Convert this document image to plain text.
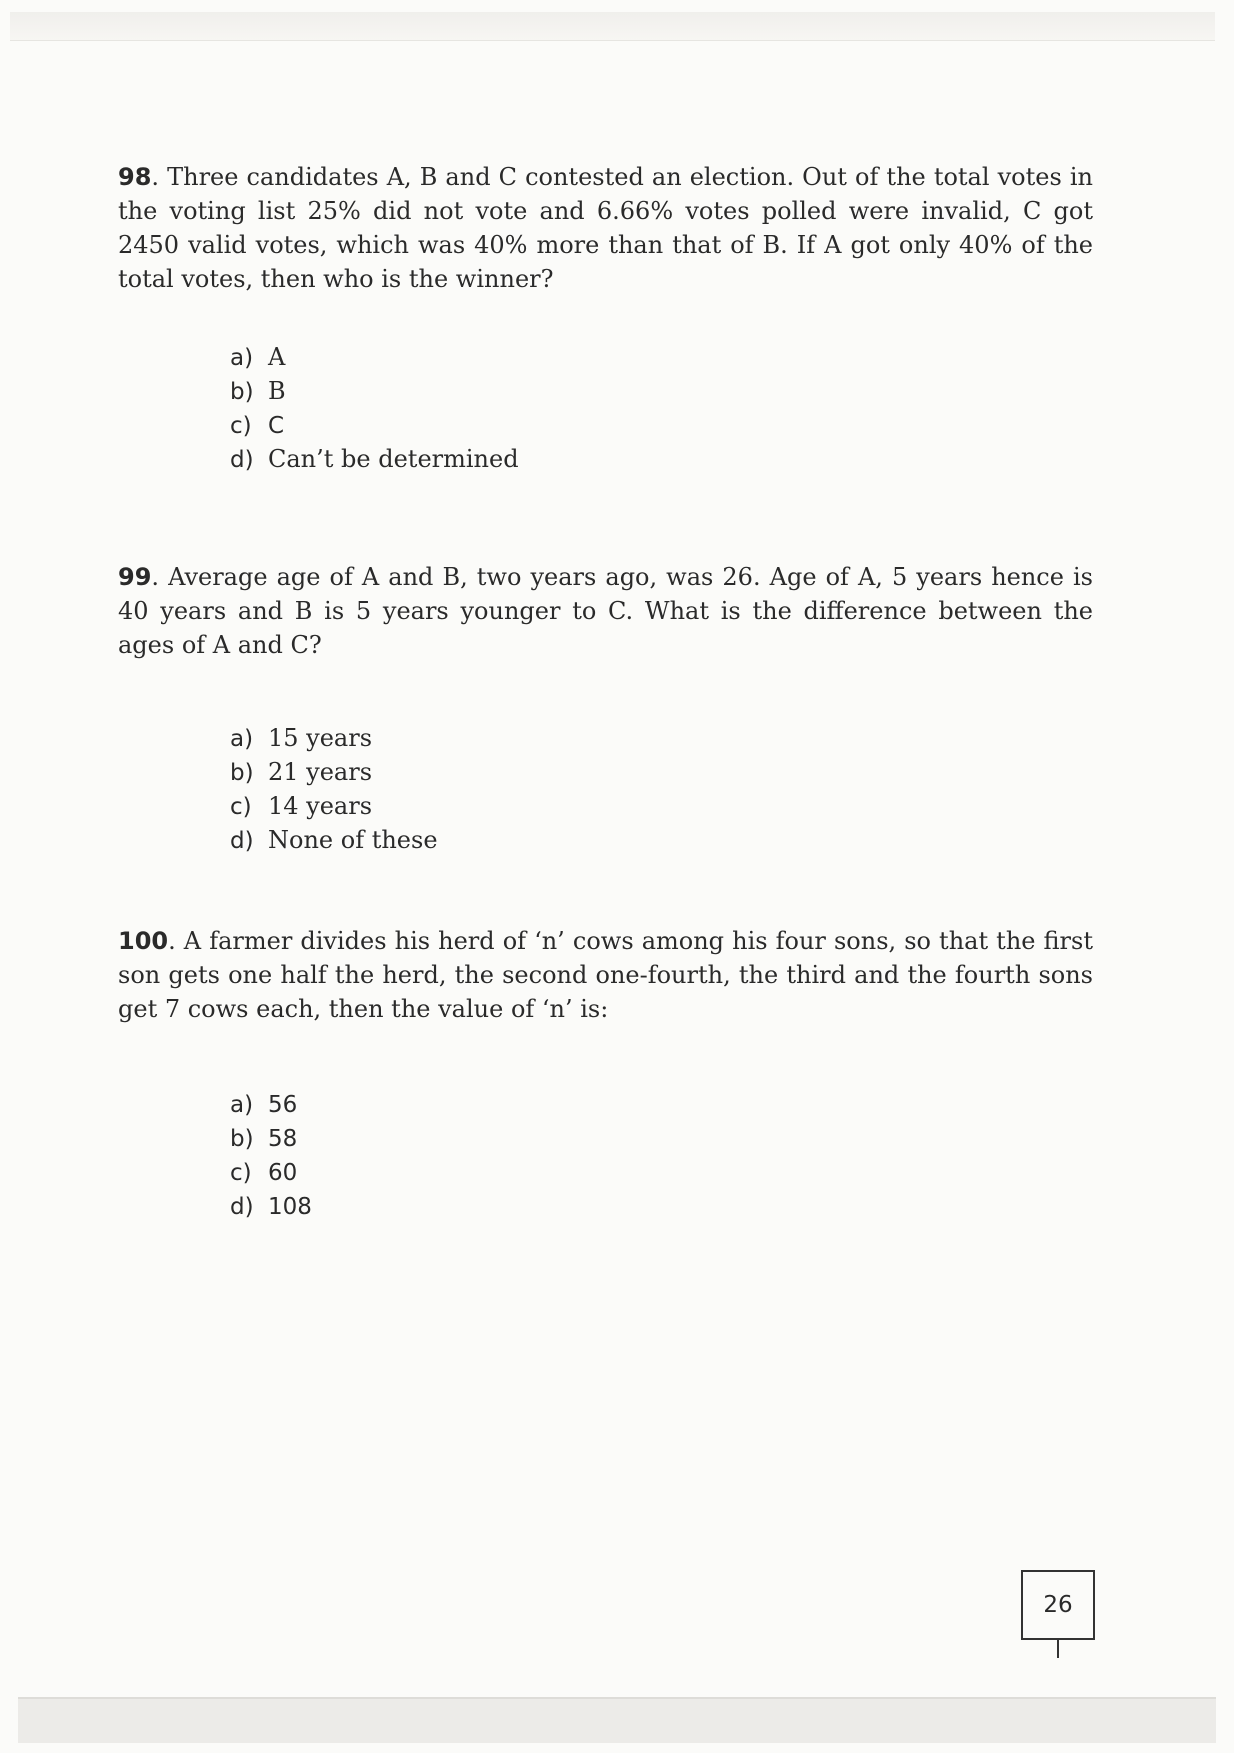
98. Three candidates A, B and C contested an election. Out of the total votes in the voting list 25% did not vote and 6.66% votes polled were invalid, C got 2450 valid votes, which was 40% more than that of B. If A got only 40% of the total votes, then who is the winner?
a) A
b) B
c) C
d) Can’t be determined
99. Average age of A and B, two years ago, was 26. Age of A, 5 years hence is 40 years and B is 5 years younger to C. What is the difference between the ages of A and C?
a) 15 years
b) 21 years
c) 14 years
d) None of these
100. A farmer divides his herd of ‘n’ cows among his four sons, so that the first son gets one half the herd, the second one-fourth, the third and the fourth sons get 7 cows each, then the value of ‘n’ is:
a) 56
b) 58
c) 60
d) 108
26
